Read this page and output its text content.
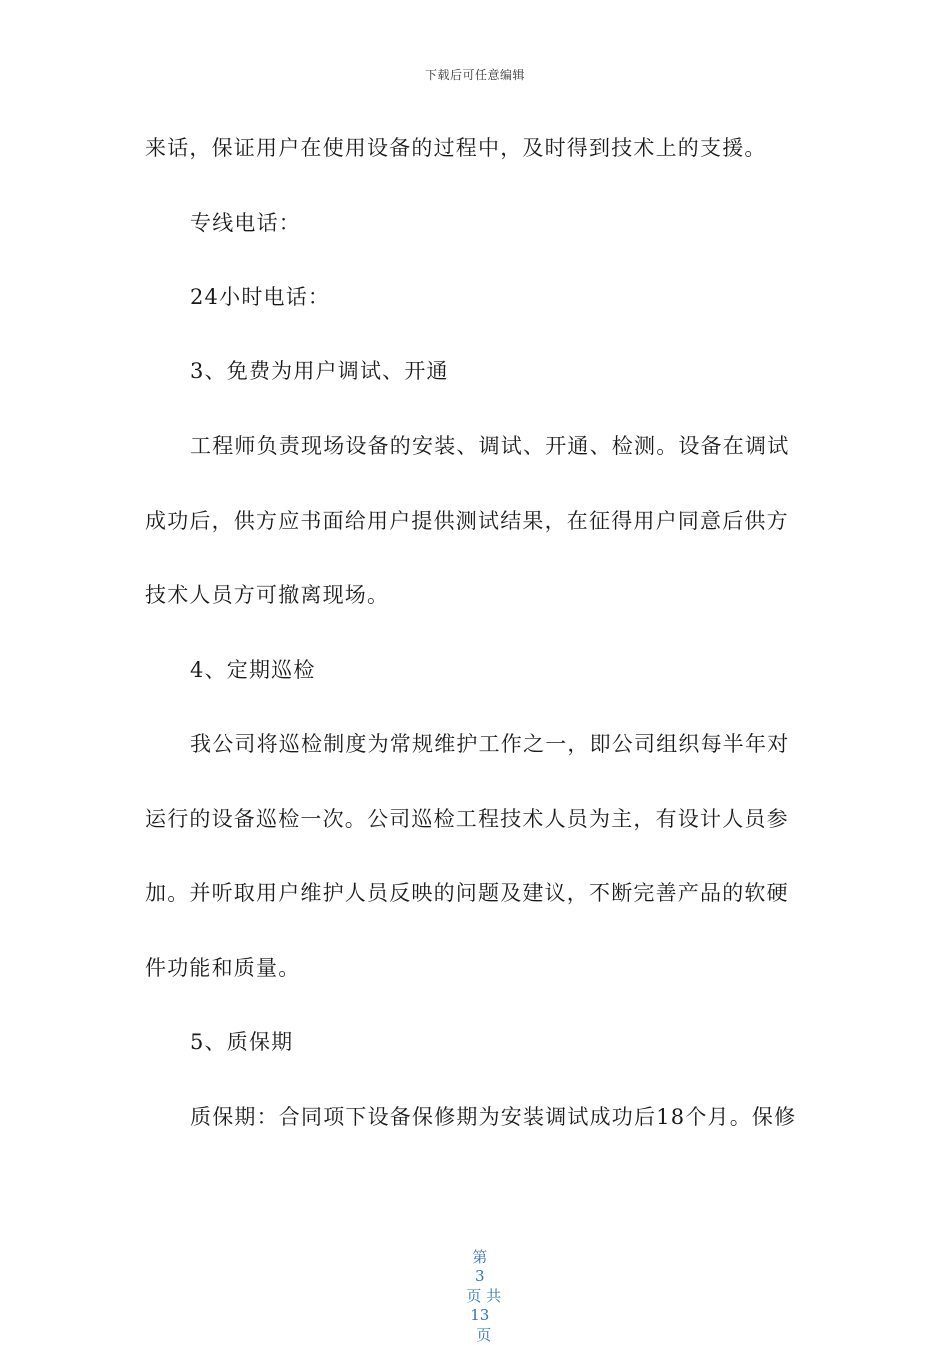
下载后可任意编辑
来话，保证用户在使用设备的过程中，及时得到技术上的支援。
专线电话：
24小时电话：
3、免费为用户调试、开通
工程师负责现场设备的安装、调试、开通、检测。设备在调试
成功后，供方应书面给用户提供测试结果，在征得用户同意后供方
技术人员方可撤离现场。
4、定期巡检
我公司将巡检制度为常规维护工作之一，即公司组织每半年对
运行的设备巡检一次。公司巡检工程技术人员为主，有设计人员参
加。并听取用户维护人员反映的问题及建议，不断完善产品的软硬
件功能和质量。
5、质保期
质保期：合同项下设备保修期为安装调试成功后18个月。保修

第
3
页 共
13
页
